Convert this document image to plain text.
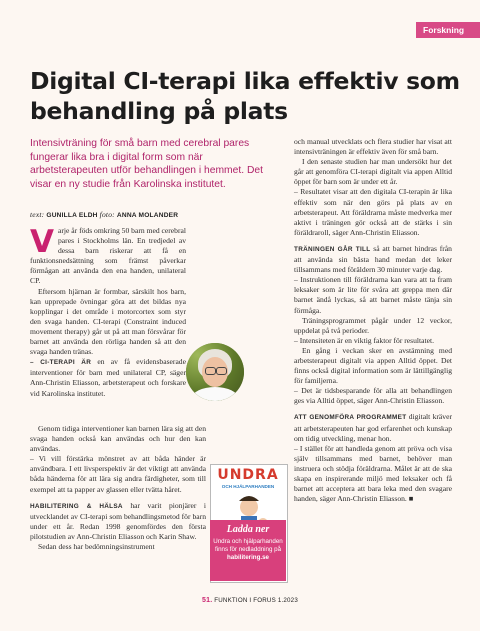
Forskning
Digital CI-terapi lika effektiv som behandling på plats

Intensivträning för små barn med cerebral pares fungerar lika bra i digital form som när arbetsterapeuten utför behandlingen i hemmet. Det visar en ny studie från Karolinska institutet.

text: GUNILLA ELDH foto: ANNA MOLANDER

Varje år föds omkring 50 barn med cerebral pares i Stockholms län. En tredjedel av dessa barn riskerar att få en funktionsnedsättning som främst påverkar förmågan att använda den ena handen, unilateral CP.

Eftersom hjärnan är formbar, särskilt hos barn, kan upprepade övningar göra att det bildas nya kopplingar i det område i motorcortex som styr den svaga handen. CI-terapi (Constraint induced movement therapy) går ut på att man försvårar för barnet att använda den rörliga handen så att den svaga handen tränas.

– CI-TERAPI ÄR en av få evidensbaserade interventioner för barn med unilateral CP, säger Ann-Christin Eliasson, arbetsterapeut och forskare vid Karolinska institutet.

Genom tidiga interventioner kan barnen lära sig att den svaga handen också kan användas och hur den kan användas.

– Vi vill förstärka mönstret av att båda händer är användbara. I ett livsperspektiv är det viktigt att använda båda händerna för att lära sig andra färdigheter, som till exempel att ta papper av glassen eller tvätta håret.

HABILITERING & HÄLSA har varit pionjärer i utvecklandet av CI-terapi som behandlingsmetod för barn under ett år. Redan 1998 genomfördes den första pilotstudien av Ann-Christin Eliasson och Karin Shaw.

Sedan dess har bedömningsinstrument

UNDRA
OCH HJÄLPARHANDEN
Ladda ner
Undra och hjälparhanden finns för nedladdning på
habilitering.se

och manual utvecklats och flera studier har visat att intensivträningen är effektiv även för små barn.

I den senaste studien har man undersökt hur det går att genomföra CI-terapi digitalt via appen Alltid öppet för barn som är under ett år.

– Resultatet visar att den digitala CI-terapin är lika effektiv som när den görs på plats av en arbetsterapeut. Att föräldrarna måste medverka mer aktivt i träningen gör också att de stärks i sin föräldraroll, säger Ann-Christin Eliasson.

TRÄNINGEN GÅR TILL så att barnet hindras från att använda sin bästa hand medan det leker tillsammans med föräldern 30 minuter varje dag.

– Instruktionen till föräldrarna kan vara att ta fram leksaker som är lite för svåra att greppa men där barnet ändå lyckas, så att barnet måste tänja sin förmåga.

Träningsprogrammet pågår under 12 veckor, uppdelat på två perioder.

– Intensiteten är en viktig faktor för resultatet.

En gång i veckan sker en avstämning med arbetsterapeut digitalt via appen Alltid öppet. Det finns också digital information som är lättillgänglig för familjerna.

– Det är tidsbesparande för alla att behandlingen ges via Alltid öppet, säger Ann-Christin Eliasson.

ATT GENOMFÖRA PROGRAMMET digitalt kräver att arbetsterapeuten har god erfarenhet och kunskap om tidig utveckling, menar hon.

– I stället för att handleda genom att pröva och visa själv tillsammans med barnet, behöver man instruera och stödja föräldrarna. Målet är att de ska skapa en inspirerande miljö med leksaker och få barnet att acceptera att bara leka med den svagare handen, säger Ann-Christin Eliasson. ■

51. FUNKTION I FORUS 1.2023
